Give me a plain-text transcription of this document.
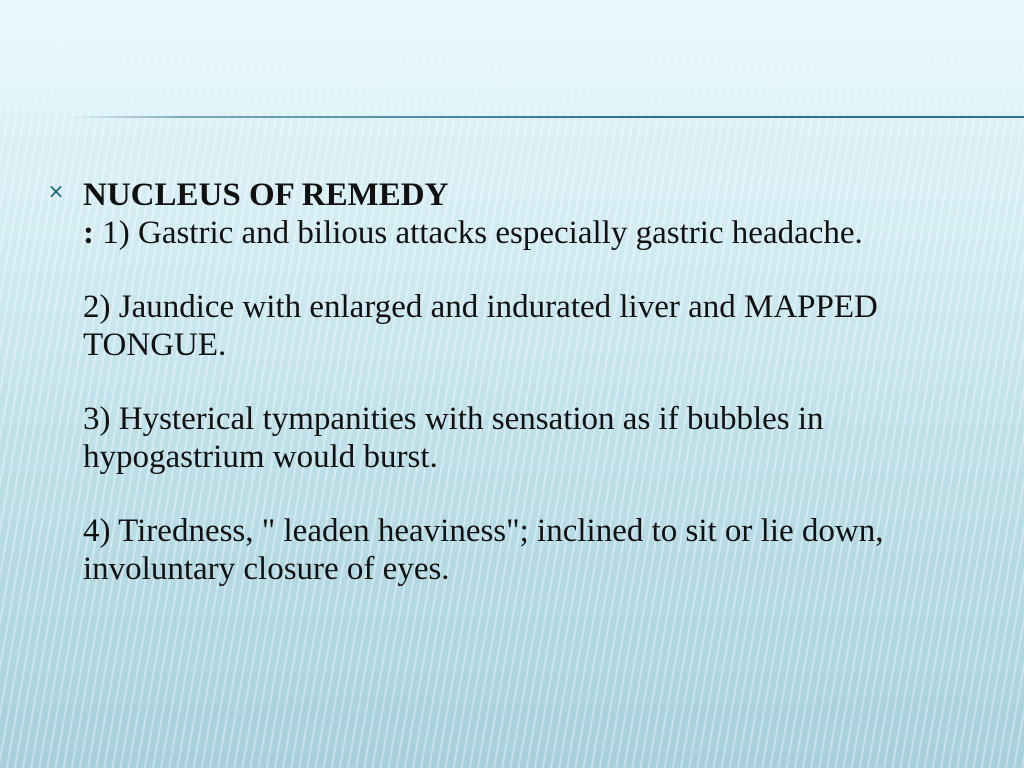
× NUCLEUS OF REMEDY
: 1) Gastric and bilious attacks especially gastric headache.
2) Jaundice with enlarged and indurated liver and MAPPED TONGUE.
3) Hysterical tympanities with sensation as if bubbles in hypogastrium would burst.
4) Tiredness, " leaden heaviness"; inclined to sit or lie down, involuntary closure of eyes.
